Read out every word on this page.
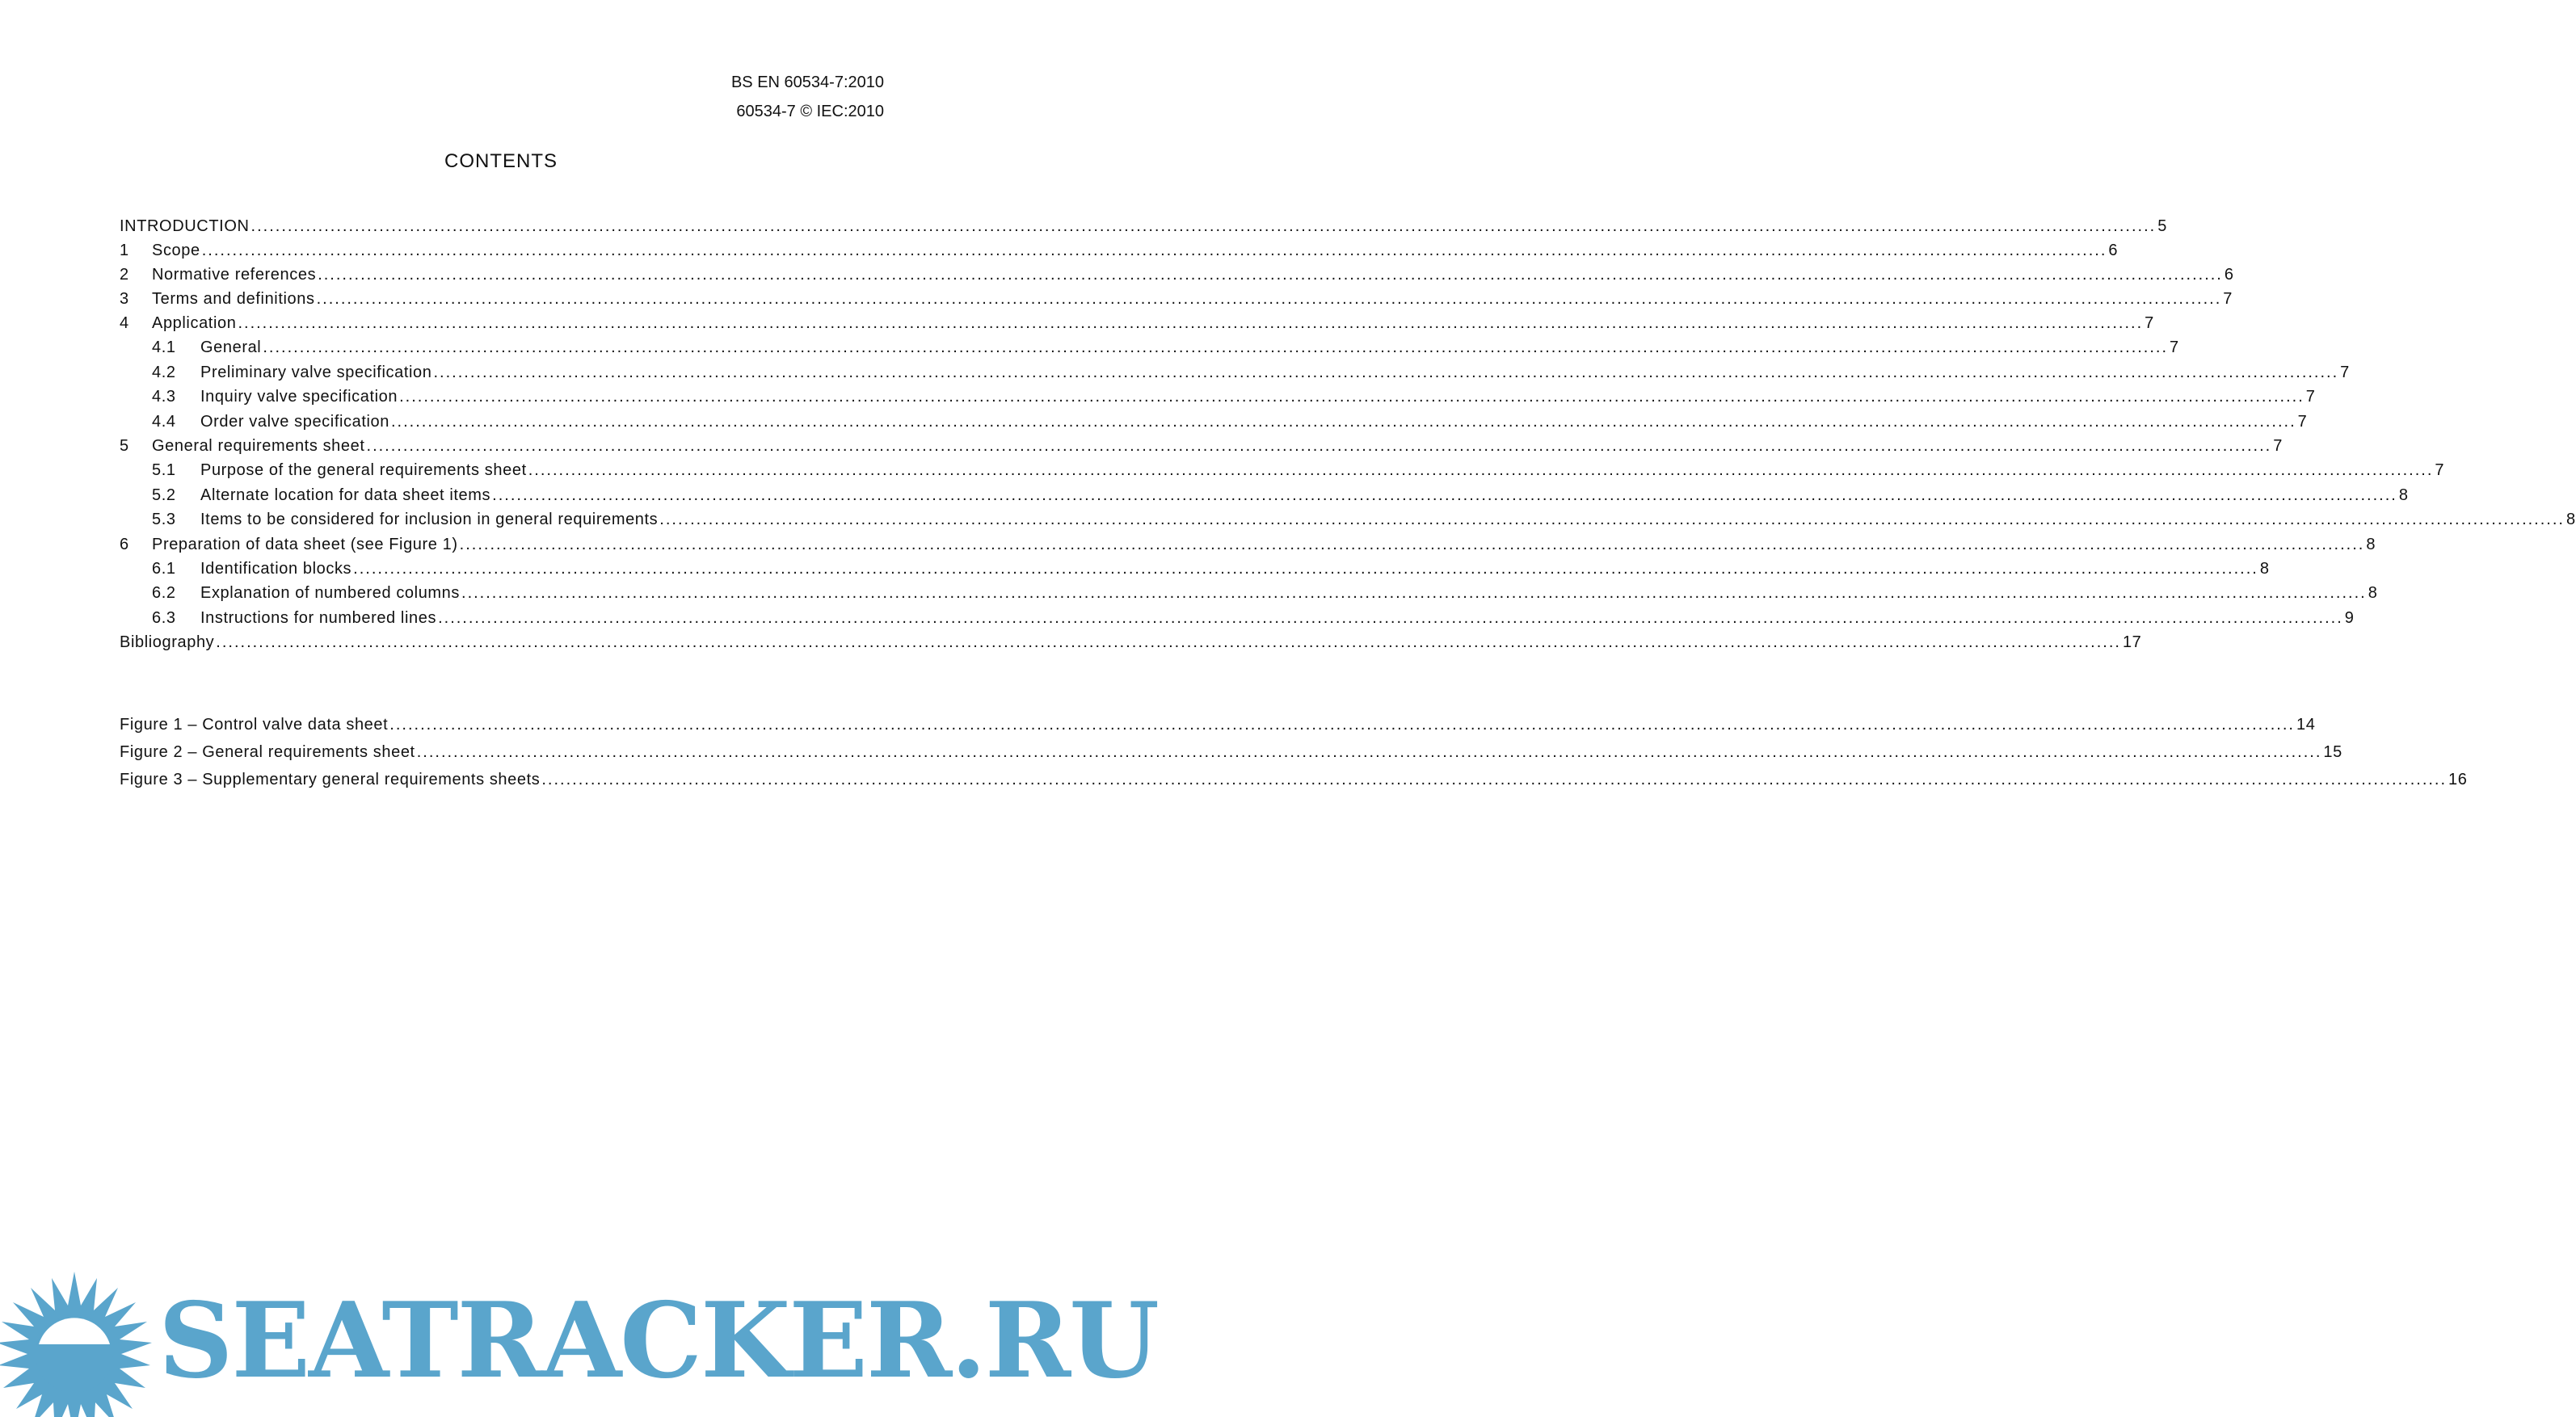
BS EN 60534-7:2010
60534-7 © IEC:2010
CONTENTS
INTRODUCTION .....	5
1	Scope .....	6
2	Normative references .....	6
3	Terms and definitions .....	7
4	Application .....	7
4.1	General .....	7
4.2	Preliminary valve specification .....	7
4.3	Inquiry valve specification .....	7
4.4	Order valve specification .....	7
5	General requirements sheet .....	7
5.1	Purpose of the general requirements sheet .....	7
5.2	Alternate location for data sheet items .....	8
5.3	Items to be considered for inclusion in general requirements .....	8
6	Preparation of data sheet (see Figure 1) .....	8
6.1	Identification blocks .....	8
6.2	Explanation of numbered columns .....	8
6.3	Instructions for numbered lines .....	9
Bibliography .....	17
Figure 1 – Control valve data sheet .....	14
Figure 2 – General requirements sheet .....	15
Figure 3 – Supplementary general requirements sheets .....	16
SEATRACKER.RU
